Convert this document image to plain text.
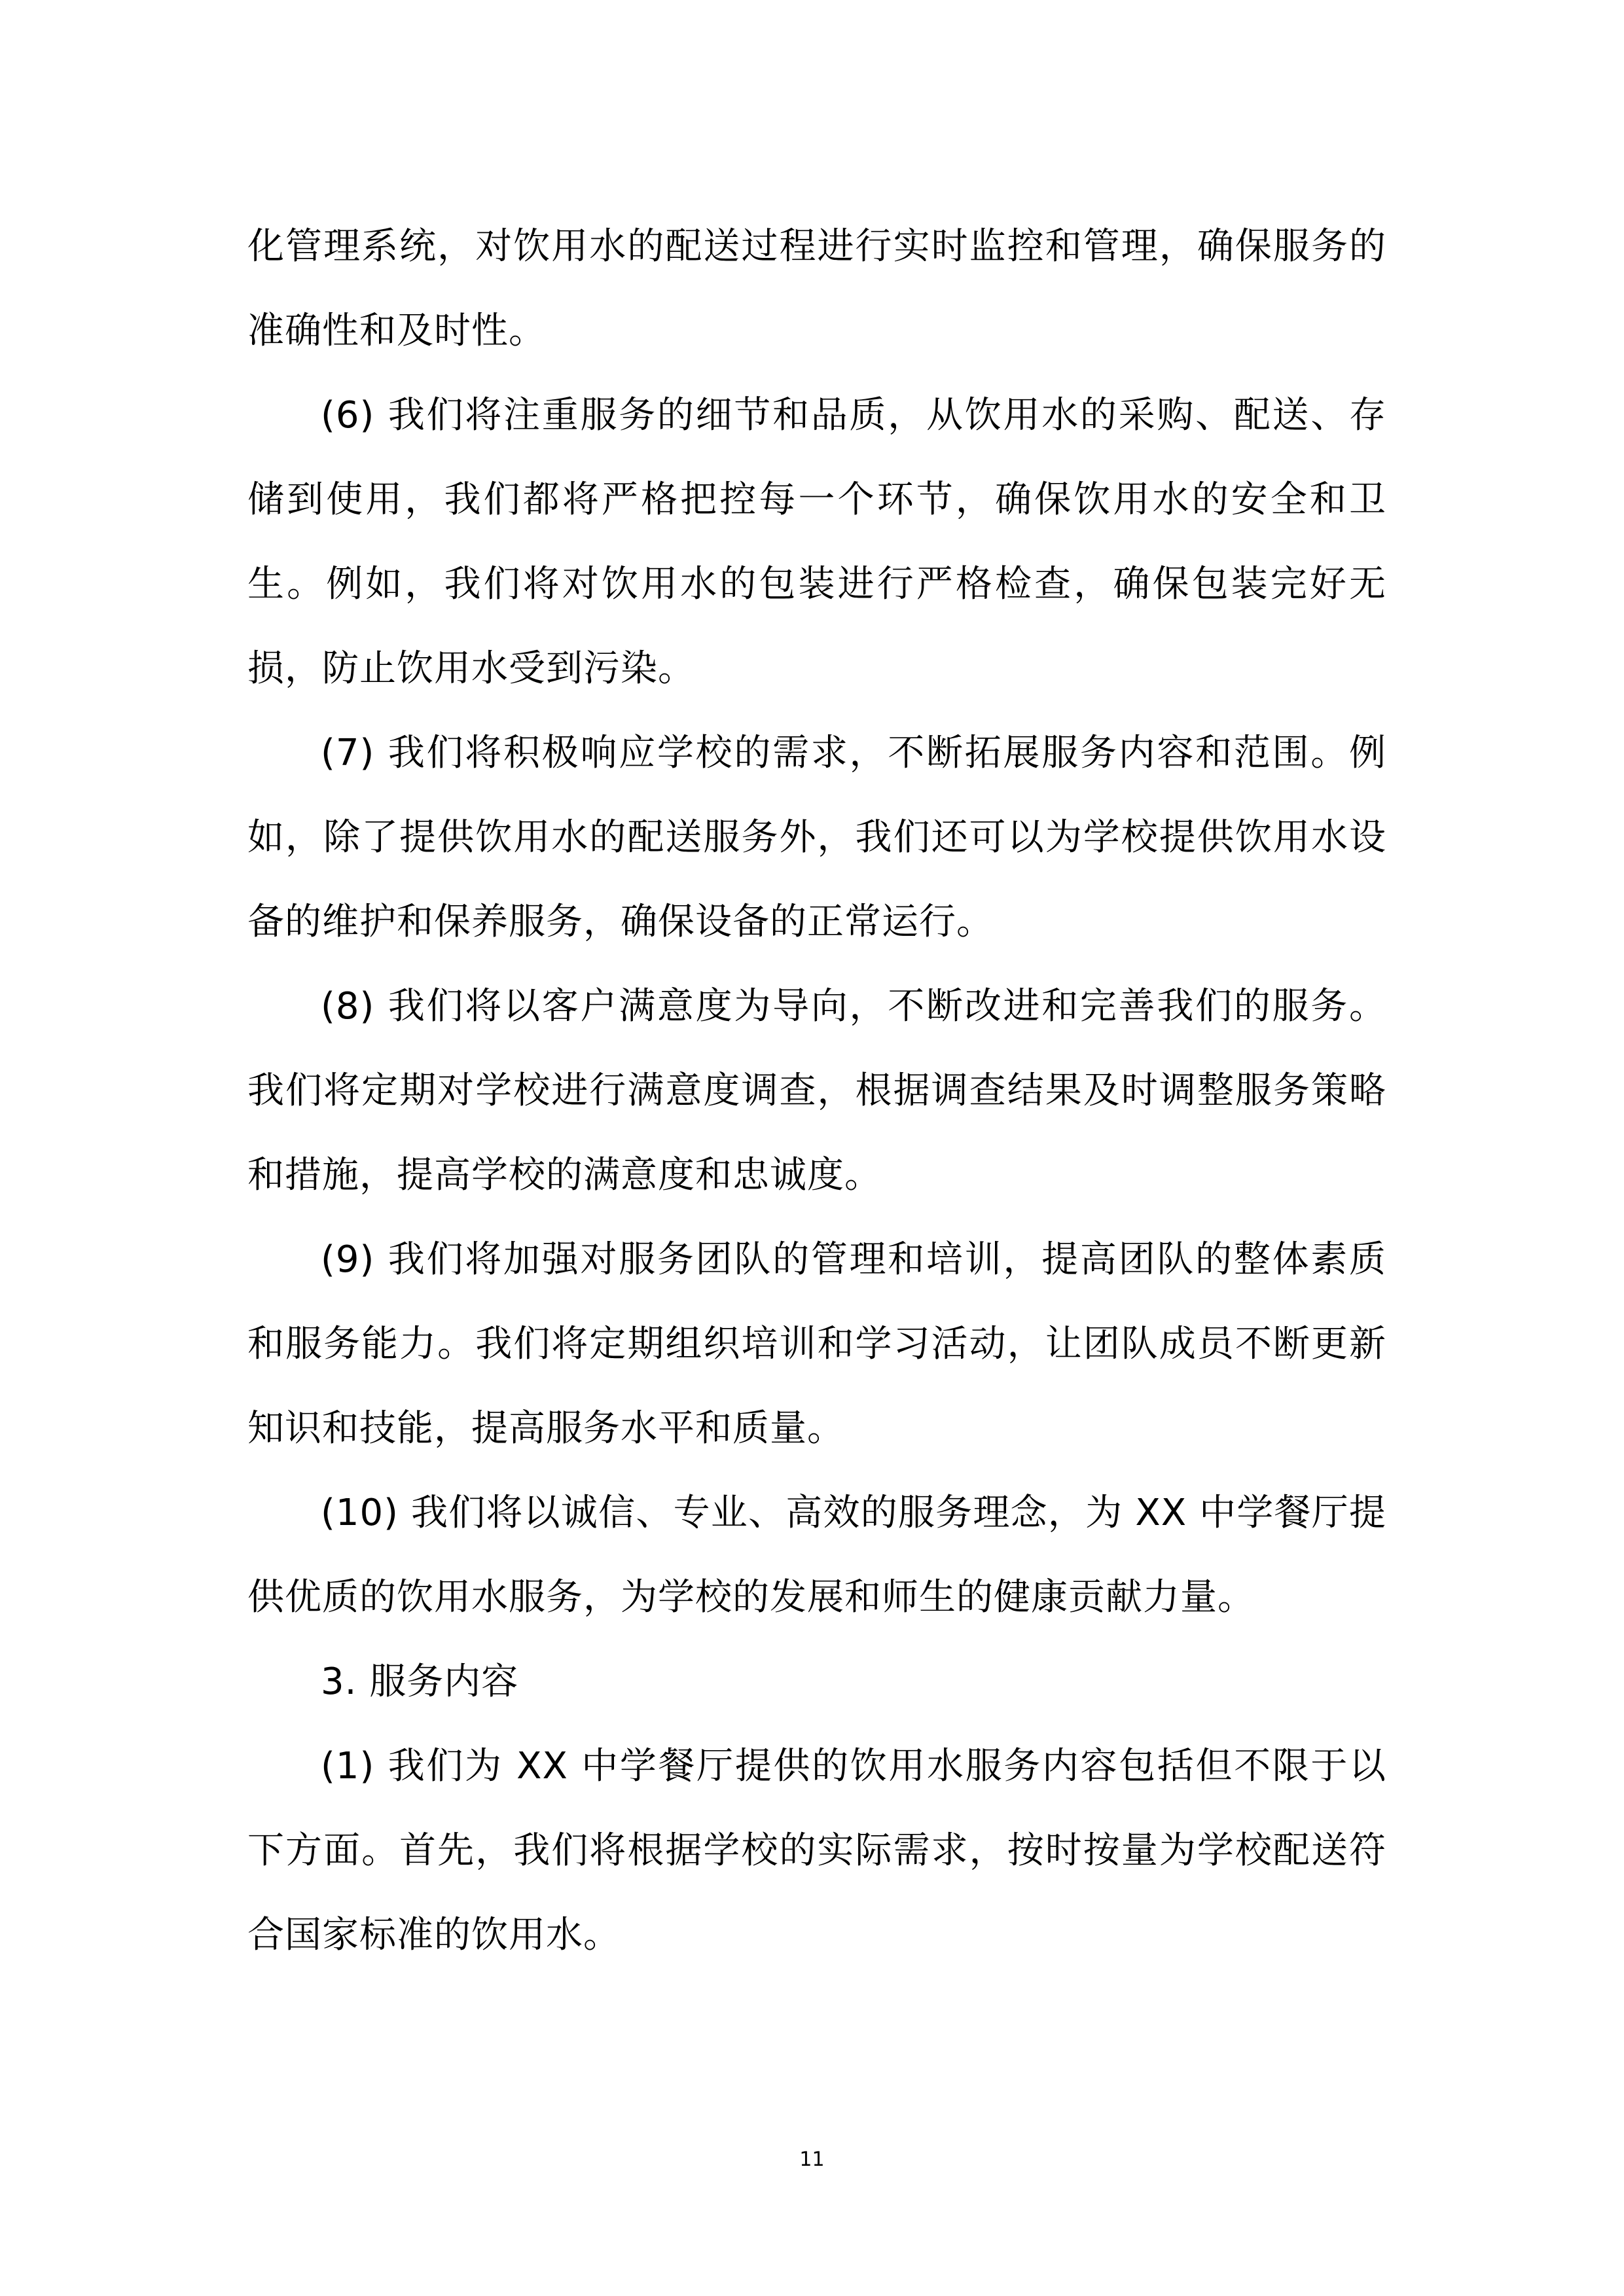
化管理系统，对饮用水的配送过程进行实时监控和管理，确保服务的准确性和及时性。

(6) 我们将注重服务的细节和品质，从饮用水的采购、配送、存储到使用，我们都将严格把控每一个环节，确保饮用水的安全和卫生。例如，我们将对饮用水的包装进行严格检查，确保包装完好无损，防止饮用水受到污染。

(7) 我们将积极响应学校的需求，不断拓展服务内容和范围。例如，除了提供饮用水的配送服务外，我们还可以为学校提供饮用水设备的维护和保养服务，确保设备的正常运行。

(8) 我们将以客户满意度为导向，不断改进和完善我们的服务。我们将定期对学校进行满意度调查，根据调查结果及时调整服务策略和措施，提高学校的满意度和忠诚度。

(9) 我们将加强对服务团队的管理和培训，提高团队的整体素质和服务能力。我们将定期组织培训和学习活动，让团队成员不断更新知识和技能，提高服务水平和质量。

(10) 我们将以诚信、专业、高效的服务理念，为 XX 中学餐厅提供优质的饮用水服务，为学校的发展和师生的健康贡献力量。

3. 服务内容

(1) 我们为 XX 中学餐厅提供的饮用水服务内容包括但不限于以下方面。首先，我们将根据学校的实际需求，按时按量为学校配送符合国家标准的饮用水。

11
